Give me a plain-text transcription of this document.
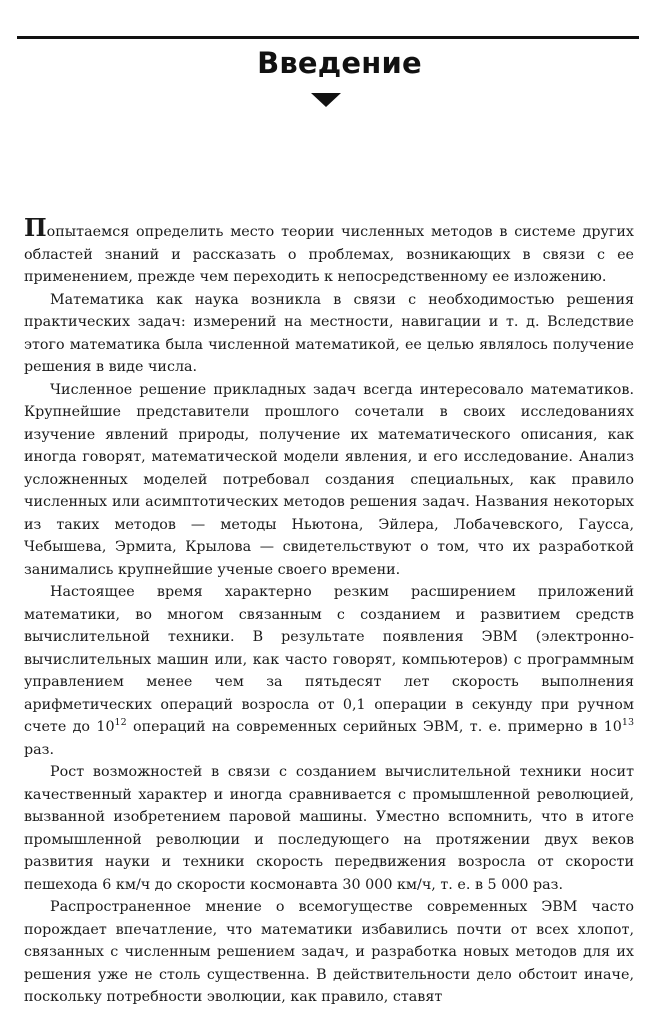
Введение

Попытаемся определить место теории численных методов в системе других областей знаний и рассказать о проблемах, возникающих в связи с ее применением, прежде чем переходить к непосредственному ее изложению.

Математика как наука возникла в связи с необходимостью решения практических задач: измерений на местности, навигации и т. д. Вследствие этого математика была численной математикой, ее целью являлось получение решения в виде числа.

Численное решение прикладных задач всегда интересовало математиков. Крупнейшие представители прошлого сочетали в своих исследованиях изучение явлений природы, получение их математического описания, как иногда говорят, математической модели явления, и его исследование. Анализ усложненных моделей потребовал создания специальных, как правило численных или асимптотических методов решения задач. Названия некоторых из таких методов — методы Ньютона, Эйлера, Лобачевского, Гаусса, Чебышева, Эрмита, Крылова — свидетельствуют о том, что их разработкой занимались крупнейшие ученые своего времени.

Настоящее время характерно резким расширением приложений математики, во многом связанным с созданием и развитием средств вычислительной техники. В результате появления ЭВМ (электронно-вычислительных машин или, как часто говорят, компьютеров) с программным управлением менее чем за пятьдесят лет скорость выполнения арифметических операций возросла от 0,1 операции в секунду при ручном счете до $10^{12}$ операций на современных серийных ЭВМ, т. е. примерно в $10^{13}$ раз.

Рост возможностей в связи с созданием вычислительной техники носит качественный характер и иногда сравнивается с промышленной революцией, вызванной изобретением паровой машины. Уместно вспомнить, что в итоге промышленной революции и последующего на протяжении двух веков развития науки и техники скорость передвижения возросла от скорости пешехода 6 км/ч до скорости космонавта 30 000 км/ч, т. е. в 5 000 раз.

Распространенное мнение о всемогуществе современных ЭВМ часто порождает впечатление, что математики избавились почти от всех хлопот, связанных с численным решением задач, и разработка новых методов для их решения уже не столь существенна. В действительности дело обстоит иначе, поскольку потребности эволюции, как правило, ставят
